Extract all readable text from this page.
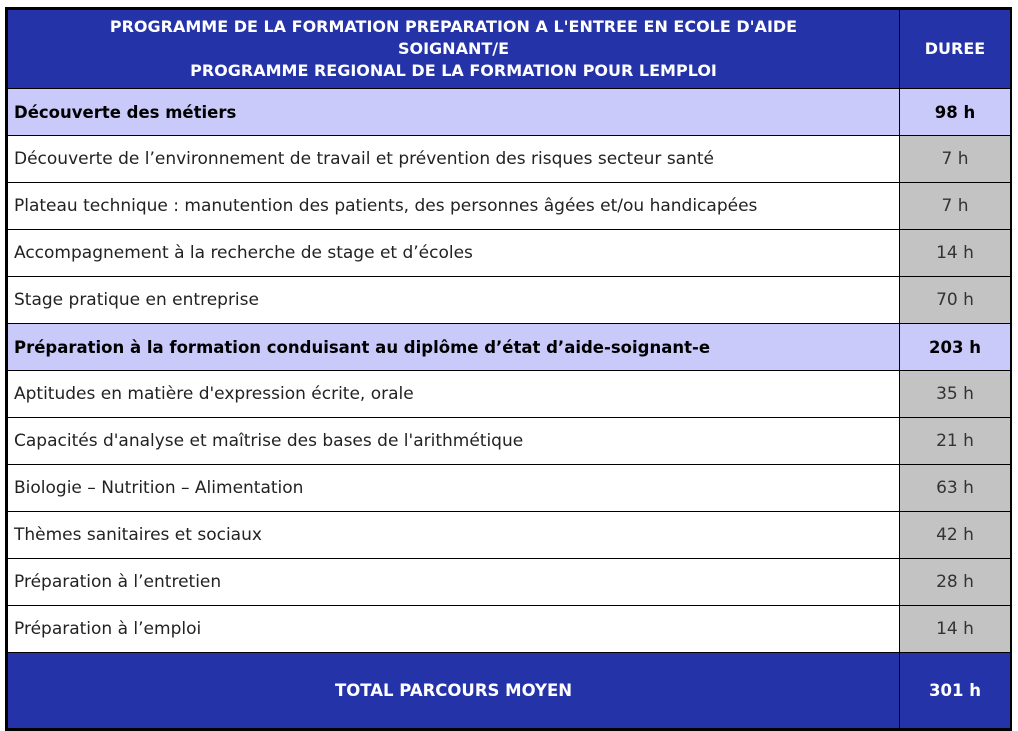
PROGRAMME DE LA FORMATION PREPARATION A L'ENTREE EN ECOLE D'AIDE SOIGNANT/E
PROGRAMME REGIONAL DE LA FORMATION POUR LEMPLOI	DUREE
Découverte des métiers	98 h
Découverte de l’environnement de travail et prévention des risques secteur santé	7 h
Plateau technique : manutention des patients, des personnes âgées et/ou handicapées	7 h
Accompagnement à la recherche de stage et d’écoles	14 h
Stage pratique en entreprise	70 h
Préparation à la formation conduisant au diplôme d’état d’aide-soignant-e	203 h
Aptitudes en matière d'expression écrite, orale	35 h
Capacités d'analyse et maîtrise des bases de l'arithmétique	21 h
Biologie – Nutrition – Alimentation	63 h
Thèmes sanitaires et sociaux	42 h
Préparation à l’entretien	28 h
Préparation à l’emploi	14 h
TOTAL PARCOURS MOYEN	301 h
